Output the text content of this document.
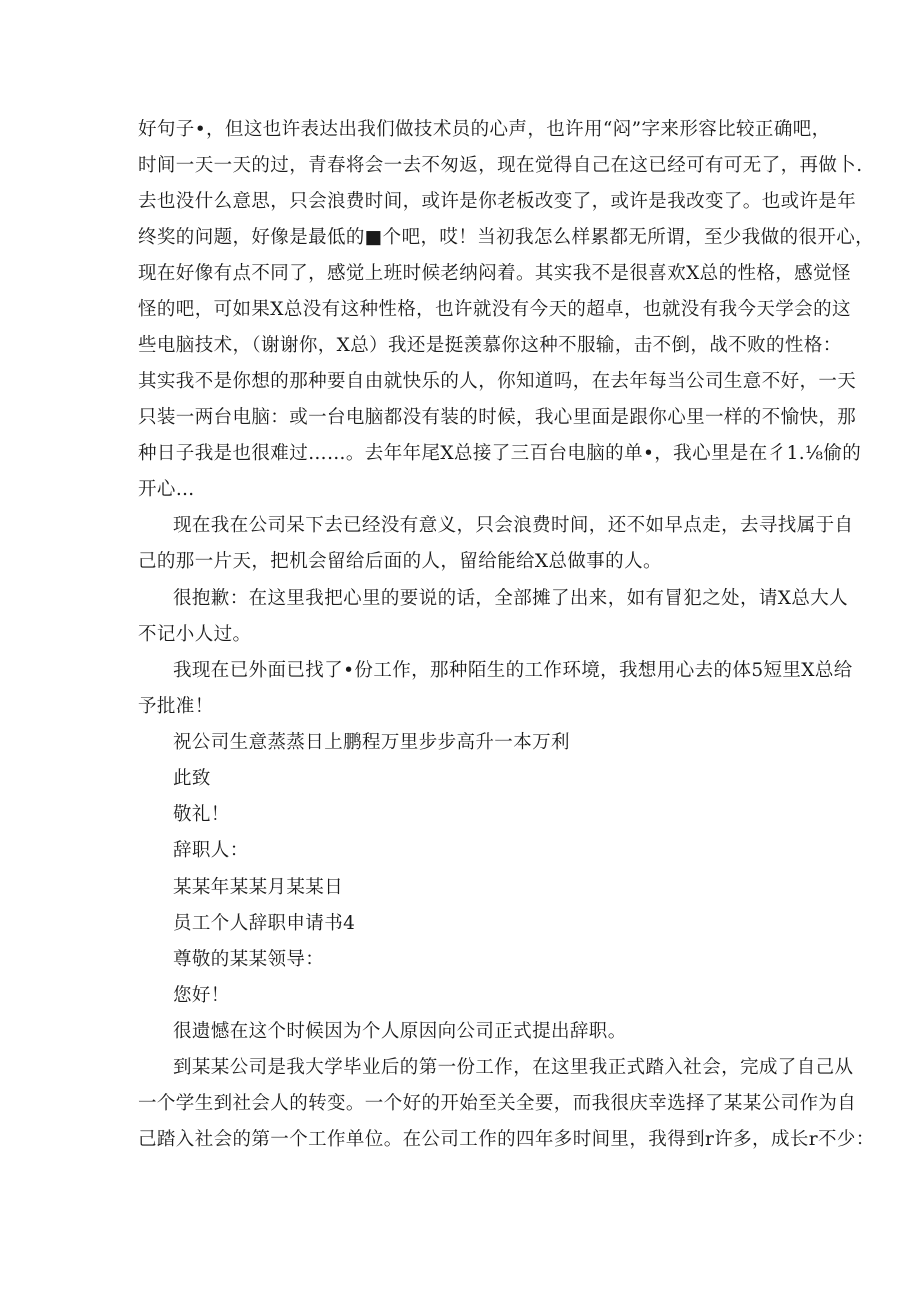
好句子•，但这也许表达出我们做技术员的心声，也许用“闷”字来形容比较正确吧，
时间一天一天的过，青春将会一去不匆返，现在觉得自己在这已经可有可无了，再做卜.
去也没什么意思，只会浪费时间，或许是你老板改变了，或许是我改变了。也或许是年
终奖的问题，好像是最低的■个吧，哎！当初我怎么样累都无所谓，至少我做的很开心，
现在好像有点不同了，感觉上班时候老纳闷着。其实我不是很喜欢X总的性格，感觉怪
怪的吧，可如果X总没有这种性格，也许就没有今天的超卓，也就没有我今天学会的这
些电脑技术，（谢谢你，X总）我还是挺羡慕你这种不服输，击不倒，战不败的性格：
其实我不是你想的那种要自由就快乐的人，你知道吗，在去年每当公司生意不好，一天
只装一两台电脑：或一台电脑都没有装的时候，我心里面是跟你心里一样的不愉快，那
种日子我是也很难过……。去年年尾X总接了三百台电脑的单•，我心里是在彳1.⅛偷的
开心…
现在我在公司呆下去已经没有意义，只会浪费时间，还不如早点走，去寻找属于自
己的那一片天，把机会留给后面的人，留给能给X总做事的人。
很抱歉：在这里我把心里的要说的话，全部摊了出来，如有冒犯之处，请X总大人
不记小人过。
我现在已外面已找了•份工作，那种陌生的工作环境，我想用心去的体5短里X总给
予批准！
祝公司生意蒸蒸日上鹏程万里步步高升一本万利
此致
敬礼！
辞职人：
某某年某某月某某日
员工个人辞职申请书4
尊敬的某某领导：
您好！
很遗憾在这个时候因为个人原因向公司正式提出辞职。
到某某公司是我大学毕业后的第一份工作，在这里我正式踏入社会，完成了自己从
一个学生到社会人的转变。一个好的开始至关全要，而我很庆幸选择了某某公司作为自
己踏入社会的第一个工作单位。在公司工作的四年多时间里，我得到r许多，成长r不少：
